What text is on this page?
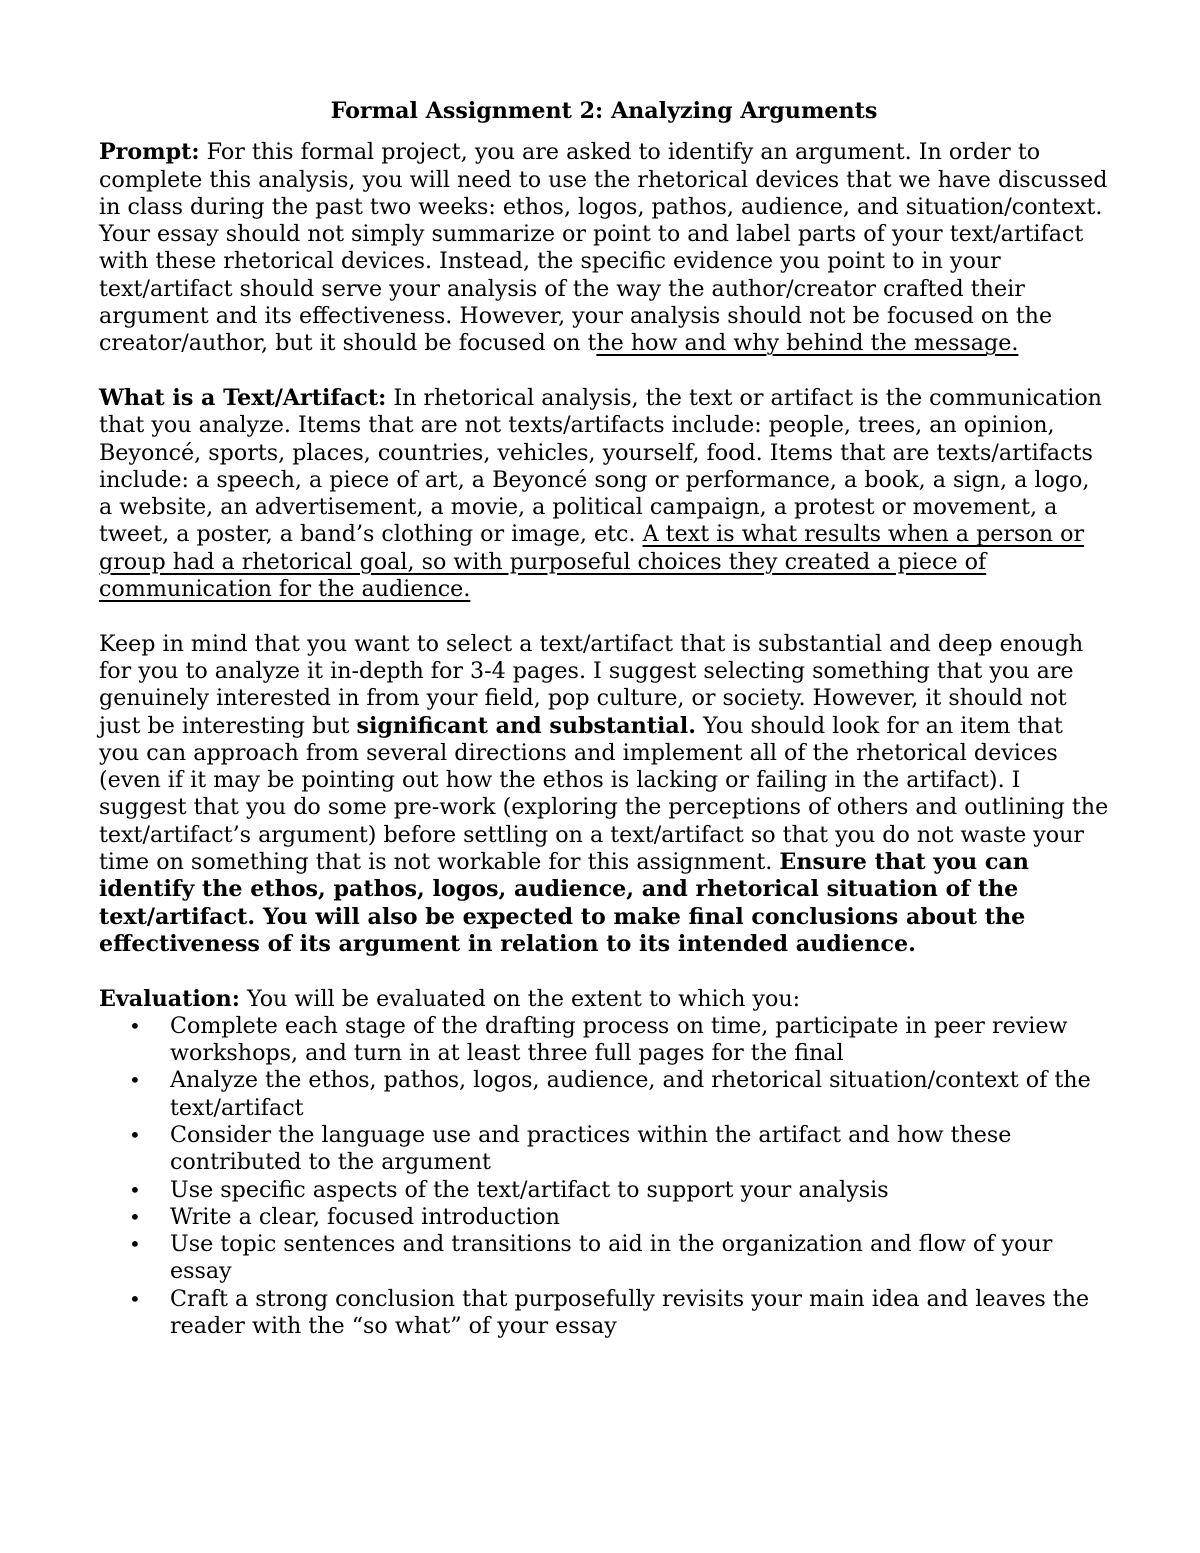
Formal Assignment 2: Analyzing Arguments

Prompt: For this formal project, you are asked to identify an argument. In order to complete this analysis, you will need to use the rhetorical devices that we have discussed in class during the past two weeks: ethos, logos, pathos, audience, and situation/context. Your essay should not simply summarize or point to and label parts of your text/artifact with these rhetorical devices. Instead, the specific evidence you point to in your text/artifact should serve your analysis of the way the author/creator crafted their argument and its effectiveness. However, your analysis should not be focused on the creator/author, but it should be focused on the how and why behind the message.

What is a Text/Artifact: In rhetorical analysis, the text or artifact is the communication that you analyze. Items that are not texts/artifacts include: people, trees, an opinion, Beyoncé, sports, places, countries, vehicles, yourself, food. Items that are texts/artifacts include: a speech, a piece of art, a Beyoncé song or performance, a book, a sign, a logo, a website, an advertisement, a movie, a political campaign, a protest or movement, a tweet, a poster, a band’s clothing or image, etc. A text is what results when a person or group had a rhetorical goal, so with purposeful choices they created a piece of communication for the audience.

Keep in mind that you want to select a text/artifact that is substantial and deep enough for you to analyze it in-depth for 3-4 pages. I suggest selecting something that you are genuinely interested in from your field, pop culture, or society. However, it should not just be interesting but significant and substantial. You should look for an item that you can approach from several directions and implement all of the rhetorical devices (even if it may be pointing out how the ethos is lacking or failing in the artifact). I suggest that you do some pre-work (exploring the perceptions of others and outlining the text/artifact’s argument) before settling on a text/artifact so that you do not waste your time on something that is not workable for this assignment. Ensure that you can identify the ethos, pathos, logos, audience, and rhetorical situation of the text/artifact. You will also be expected to make final conclusions about the effectiveness of its argument in relation to its intended audience.

Evaluation: You will be evaluated on the extent to which you:
• Complete each stage of the drafting process on time, participate in peer review workshops, and turn in at least three full pages for the final
• Analyze the ethos, pathos, logos, audience, and rhetorical situation/context of the text/artifact
• Consider the language use and practices within the artifact and how these contributed to the argument
• Use specific aspects of the text/artifact to support your analysis
• Write a clear, focused introduction
• Use topic sentences and transitions to aid in the organization and flow of your essay
• Craft a strong conclusion that purposefully revisits your main idea and leaves the reader with the “so what” of your essay
